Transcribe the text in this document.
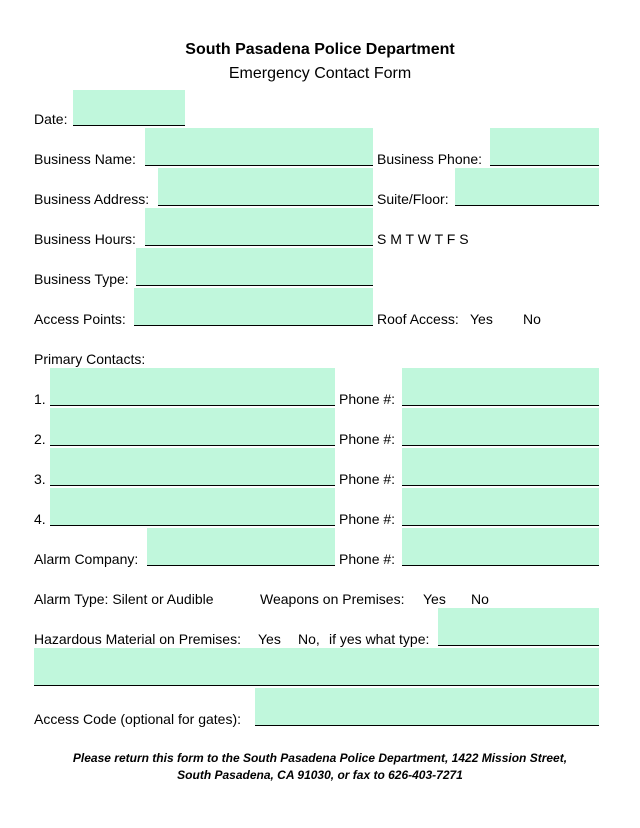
South Pasadena Police Department
Emergency Contact Form
Date:
Business Name:	Business Phone:
Business Address:	Suite/Floor:
Business Hours:	S M T W T F S
Business Type:
Access Points:	Roof Access: Yes No
Primary Contacts:
1.	Phone #:
2.	Phone #:
3.	Phone #:
4.	Phone #:
Alarm Company:	Phone #:
Alarm Type: Silent or Audible	Weapons on Premises: Yes No
Hazardous Material on Premises: Yes No, if yes what type:
Access Code (optional for gates):
Please return this form to the South Pasadena Police Department, 1422 Mission Street,
South Pasadena, CA 91030, or fax to 626-403-7271
